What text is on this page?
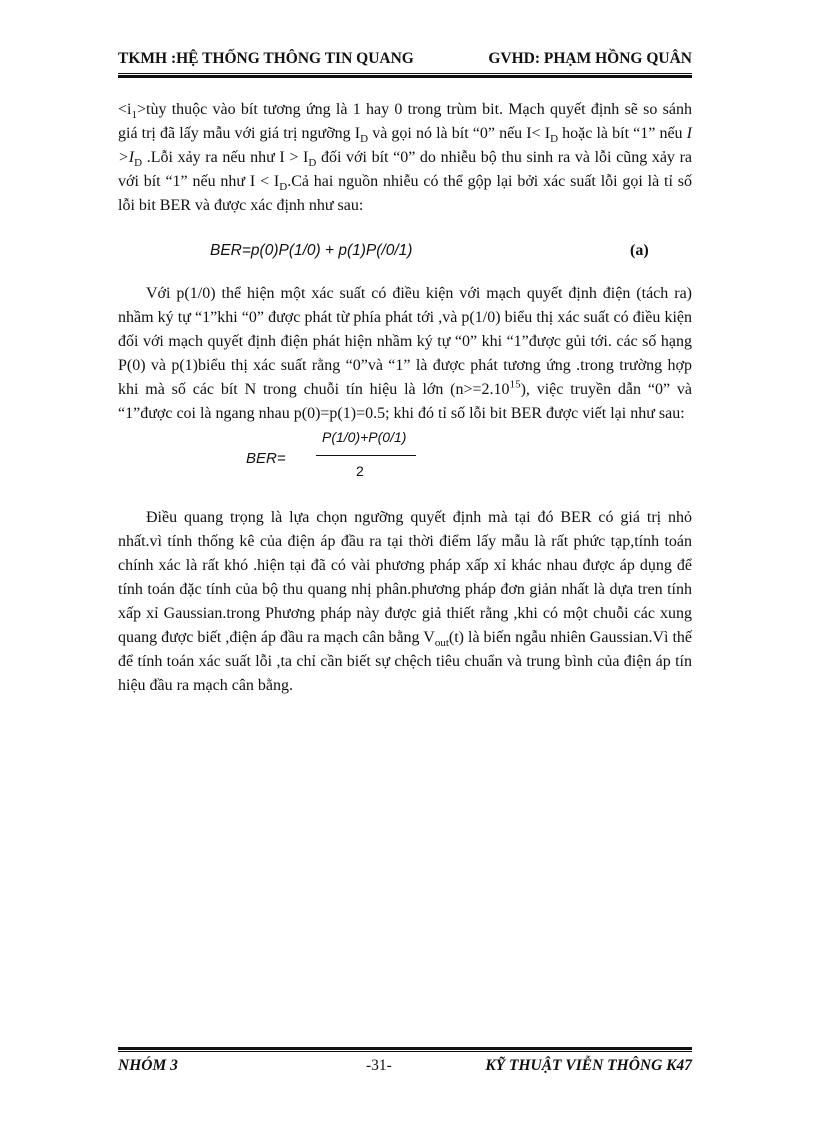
TKMH :HỆ THỐNG THÔNG TIN QUANG	GVHD: PHẠM HỒNG QUÂN

$<i_1>tùy$ thuộc vào bít tương ứng là 1 hay 0 trong trùm bit. Mạch quyết định sẽ so sánh giá trị đã lấy mẫu với giá trị ngưỡng $I_D$ và gọi nó là bít “0” nếu $I< I_D$ hoặc là bít “1” nếu $I >I_D$ .Lỗi xảy ra nếu như $I > I_D$ đối với bít “0” do nhiễu bộ thu sinh ra và lỗi cũng xảy ra với bít “1” nếu như $I < I_D.Cả$ hai nguồn nhiễu có thể gộp lại bởi xác suất lỗi gọi là tỉ số lỗi bit BER và được xác định như sau:

BER=p(0)P(1/0) + p(1)P(/0/1)	(a)

Với p(1/0) thể hiện một xác suất có điều kiện với mạch quyết định điện (tách ra) nhầm ký tự “1”khi “0” được phát từ phía phát tới ,và p(1/0) biểu thị xác suất có điều kiện đối với mạch quyết định điện phát hiện nhầm ký tự “0” khi “1”được gủi tới. các số hạng P(0) và p(1)biểu thị xác suất rằng “0”và “1” là được phát tương ứng .trong trường hợp khi mà số các bít N trong chuỗi tín hiệu là lớn $(n>=2.10^{15})$, việc truyền dẫn “0” và “1”được coi là ngang nhau p(0)=p(1)=0.5; khi đó tỉ số lỗi bit BER được viết lại như sau:

BER=
P(1/0)+P(0/1)
2

Điều quang trọng là lựa chọn ngưỡng quyết định mà tại đó BER có giá trị nhỏ nhất.vì tính thống kê của điện áp đầu ra tại thời điểm lấy mẫu là rất phức tạp,tính toán chính xác là rất khó .hiện tại đã có vài phương pháp xấp xỉ khác nhau được áp dụng để tính toán đặc tính của bộ thu quang nhị phân.phương pháp đơn giản nhất là dựa tren tính xấp xỉ Gaussian.trong Phương pháp này được giả thiết rằng ,khi có một chuỗi các xung quang được biết ,điện áp đầu ra mạch cân bằng $V_{out}(t)$ là biến ngẫu nhiên Gaussian.Vì thế để tính toán xác suất lỗi ,ta chỉ cần biết sự chệch tiêu chuẩn và trung bình của điện áp tín hiệu đầu ra mạch cân bằng.

NHÓM 3	-31-	KỸ THUẬT VIỄN THÔNG K47
